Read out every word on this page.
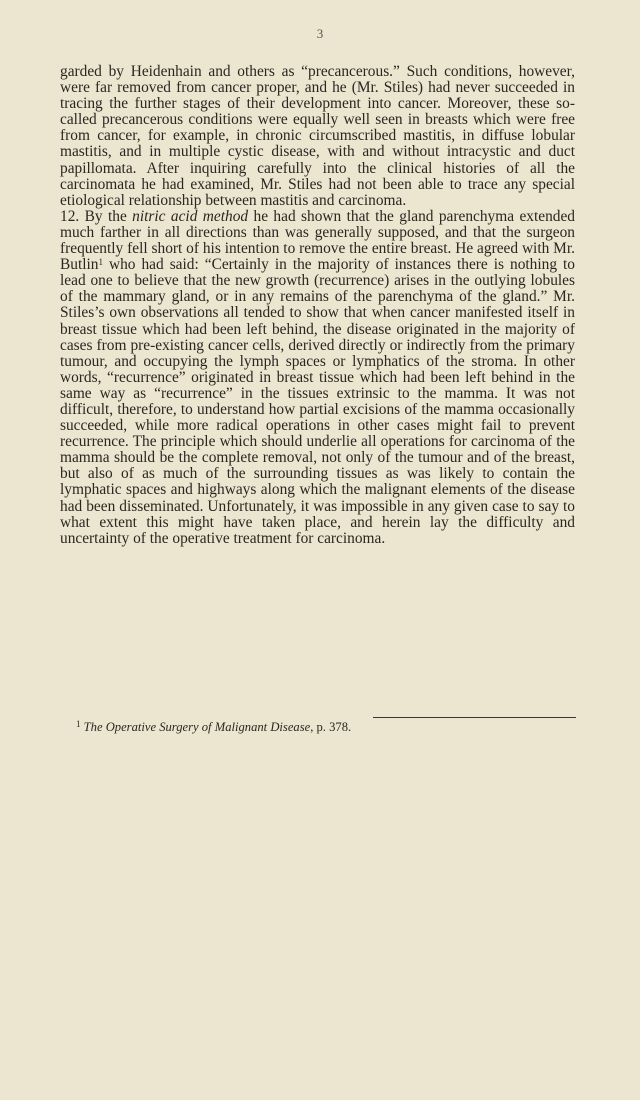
3

garded by Heidenhain and others as “precancerous.” Such conditions, however, were far removed from cancer proper, and he (Mr. Stiles) had never succeeded in tracing the further stages of their development into cancer. Moreover, these so-called precancerous conditions were equally well seen in breasts which were free from cancer, for example, in chronic circumscribed mastitis, in diffuse lobular mastitis, and in multiple cystic disease, with and without intracystic and duct papillomata. After inquiring carefully into the clinical histories of all the carcinomata he had examined, Mr. Stiles had not been able to trace any special etiological relationship between mastitis and carcinoma.

12. By the nitric acid method he had shown that the gland parenchyma extended much farther in all directions than was generally supposed, and that the surgeon frequently fell short of his intention to remove the entire breast. He agreed with Mr. Butlin$^1$ who had said: “Certainly in the majority of instances there is nothing to lead one to believe that the new growth (recurrence) arises in the outlying lobules of the mammary gland, or in any remains of the parenchyma of the gland.” Mr. Stiles’s own observations all tended to show that when cancer manifested itself in breast tissue which had been left behind, the disease originated in the majority of cases from pre-existing cancer cells, derived directly or indirectly from the primary tumour, and occupying the lymph spaces or lymphatics of the stroma. In other words, “recurrence” originated in breast tissue which had been left behind in the same way as “recurrence” in the tissues extrinsic to the mamma. It was not difficult, therefore, to understand how partial excisions of the mamma occasionally succeeded, while more radical operations in other cases might fail to prevent recurrence. The principle which should underlie all operations for carcinoma of the mamma should be the complete removal, not only of the tumour and of the breast, but also of as much of the surrounding tissues as was likely to contain the lymphatic spaces and highways along which the malignant elements of the disease had been disseminated. Unfortunately, it was impossible in any given case to say to what extent this might have taken place, and herein lay the difficulty and uncertainty of the operative treatment for carcinoma.

$^1$ The Operative Surgery of Malignant Disease, p. 378.
